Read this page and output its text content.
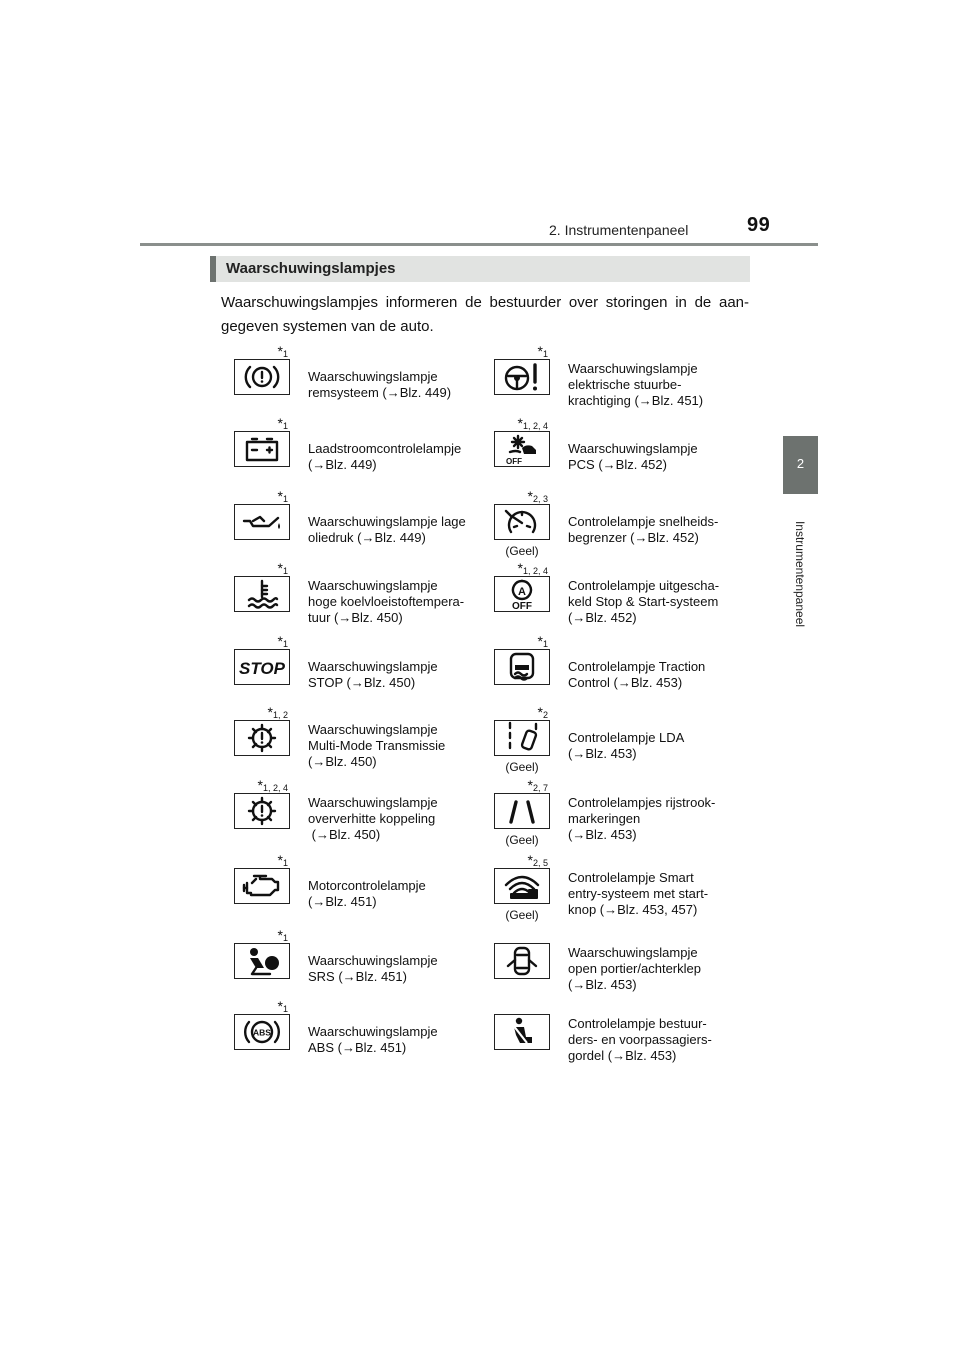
2. Instrumentenpaneel	99
2
Instrumentenpaneel
Waarschuwingslampjes

Waarschuwingslampjes informeren de bestuurder over storingen in de aan-gegeven systemen van de auto.

$*_1$
Waarschuwingslampje
remsysteem (→Blz. 449)
$*_1$
Laadstroomcontrolelampje
(→Blz. 449)
$*_1$
Waarschuwingslampje lage
oliedruk (→Blz. 449)
$*_1$
Waarschuwingslampje
hoge koelvloeistoftempera-
tuur (→Blz. 450)
$*_1$
STOP Waarschuwingslampje
STOP (→Blz. 450)
$*_{1, 2}$
Waarschuwingslampje
Multi-Mode Transmissie
(→Blz. 450)
$*_{1, 2, 4}$
Waarschuwingslampje
oververhitte koppeling
(→Blz. 450)
$*_1$
Motorcontrolelampje
(→Blz. 451)
$*_1$
Waarschuwingslampje
SRS (→Blz. 451)
$*_1$
ABS	Waarschuwingslampje
ABS (→Blz. 451)
$*_1$
Waarschuwingslampje
elektrische stuurbe-
krachtiging (→Blz. 451)
$*_{1, 2, 4}$
OFF
Waarschuwingslampje
PCS (→Blz. 452)
$*_{2, 3}$
(Geel)
Controlelampje snelheids-
begrenzer (→Blz. 452)
$*_{1, 2, 4}$
A
OFF
Controlelampje uitgescha-
keld Stop & Start-systeem
(→Blz. 452)
$*_1$
Controlelampje Traction
Control (→Blz. 453)
$*_2$
(Geel)
Controlelampje LDA
(→Blz. 453)
$*_{2, 7}$
(Geel)
Controlelampjes rijstrook-
markeringen
(→Blz. 453)
$*_{2, 5}$
(Geel)
Controlelampje Smart
entry-systeem met start-
knop (→Blz. 453, 457)
Waarschuwingslampje
open portier/achterklep
(→Blz. 453)
Controlelampje bestuur-
ders- en voorpassagiers-
gordel (→Blz. 453)
